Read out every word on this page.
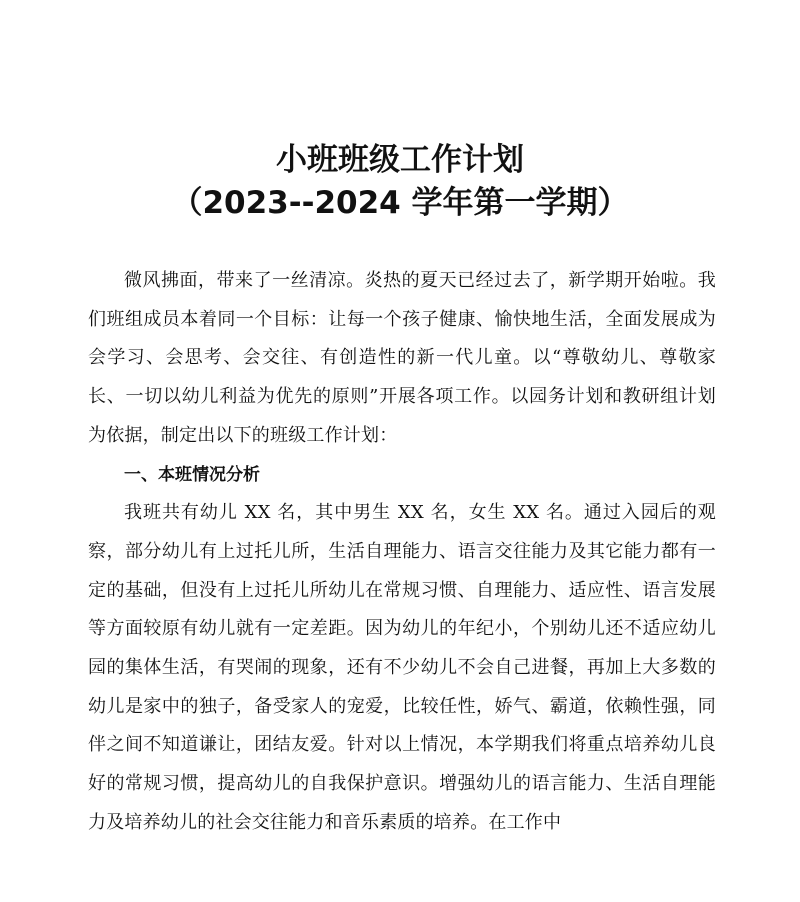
小班班级工作计划
（2023--2024 学年第一学期）

微风拂面，带来了一丝清凉。炎热的夏天已经过去了，新学期开始啦。我们班组成员本着同一个目标：让每一个孩子健康、愉快地生活，全面发展成为会学习、会思考、会交往、有创造性的新一代儿童。以“尊敬幼儿、尊敬家长、一切以幼儿利益为优先的原则”开展各项工作。以园务计划和教研组计划为依据，制定出以下的班级工作计划：

一、本班情况分析

我班共有幼儿 XX 名，其中男生 XX 名，女生 XX 名。通过入园后的观察，部分幼儿有上过托儿所，生活自理能力、语言交往能力及其它能力都有一定的基础，但没有上过托儿所幼儿在常规习惯、自理能力、适应性、语言发展等方面较原有幼儿就有一定差距。因为幼儿的年纪小，个别幼儿还不适应幼儿园的集体生活，有哭闹的现象，还有不少幼儿不会自己进餐，再加上大多数的幼儿是家中的独子，备受家人的宠爱，比较任性，娇气、霸道，依赖性强，同伴之间不知道谦让，团结友爱。针对以上情况，本学期我们将重点培养幼儿良好的常规习惯，提高幼儿的自我保护意识。增强幼儿的语言能力、生活自理能力及培养幼儿的社会交往能力和音乐素质的培养。在工作中
